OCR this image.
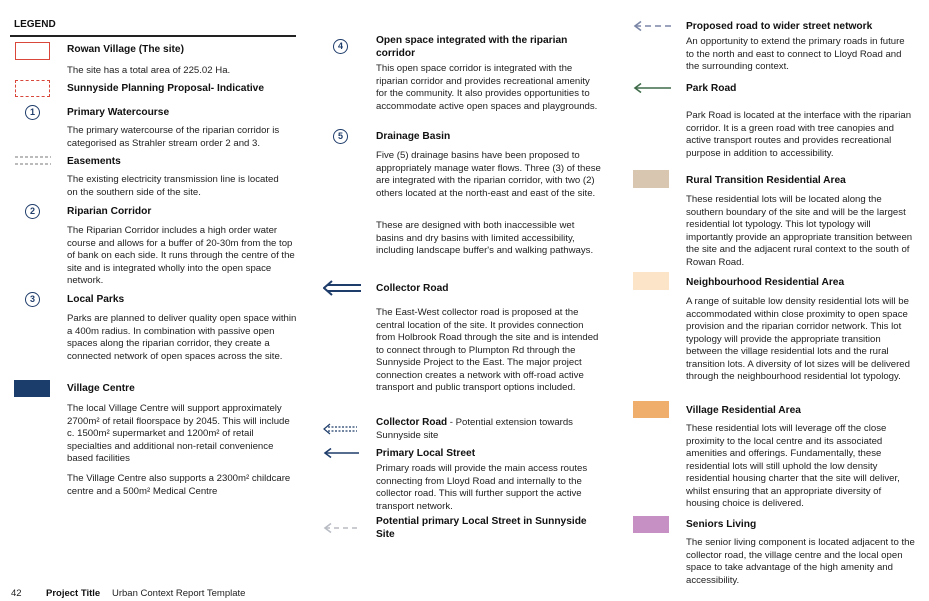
LEGEND
Rowan Village (The site)
The site has a total area of 225.02 Ha.
Sunnyside Planning Proposal- Indicative
1	Primary Watercourse
The primary watercourse of the riparian corridor is categorised as Strahler stream order 2 and 3.
Easements
The existing electricity transmission line is located on the southern side of the site.
2	Riparian Corridor
The Riparian Corridor includes a high order water course and allows for a buffer of 20-30m from the top of bank on each side. It runs through the centre of the site and is integrated wholly into the open space network.
3	Local Parks
Parks are planned to deliver quality open space within a 400m radius. In combination with passive open spaces along the riparian corridor, they create a connected network of open spaces across the site.
Village Centre
The local Village Centre will support approximately 2700m² of retail floorspace by 2045. This will include c. 1500m² supermarket and 1200m² of retail specialties and additional non-retail convenience based facilities
The Village Centre also supports a 2300m² childcare centre and a 500m² Medical Centre
4	Open space integrated with the riparian corridor
This open space corridor is integrated with the riparian corridor and provides recreational amenity for the community. It also provides opportunities to accommodate active open spaces and playgrounds.
5	Drainage Basin
Five (5) drainage basins have been proposed to appropriately manage water flows. Three (3) of these are integrated with the riparian corridor, with two (2) others located at the north-east and east of the site.
These are designed with both inaccessible wet basins and dry basins with limited accessibility, including landscape buffer's and walking pathways.
Collector Road
The East-West collector road is proposed at the central location of the site. It provides connection from Holbrook Road through the site and is intended to connect through to Plumpton Rd through the Sunnyside Project to the East. The major project connection creates a network with off-road active transport and public transport options included.
Collector Road - Potential extension towards Sunnyside site
Primary Local Street
Primary roads will provide the main access routes connecting from Lloyd Road and internally to the collector road. This will further support the active transport network.
Potential primary Local Street in Sunnyside Site
Proposed road to wider street network
An opportunity to extend the primary roads in future to the north and east to connect to Lloyd Road and the surrounding context.
Park Road
Park Road is located at the interface with the riparian corridor. It is a green road with tree canopies and active transport routes and provides recreational purpose in addition to accessibility.
Rural Transition Residential Area
These residential lots will be located along the southern boundary of the site and will be the largest residential lot typology. This lot typology will importantly provide an appropriate transition between the site and the adjacent rural context to the south of Rowan Road.
Neighbourhood Residential Area
A range of suitable low density residential lots will be accommodated within close proximity to open space provision and the riparian corridor network. This lot typology will provide the appropriate transition between the village residential lots and the rural transition lots. A diversity of lot sizes will be delivered through the neighbourhood residential lot typology.
Village Residential Area
These residential lots will leverage off the close proximity to the local centre and its associated amenities and offerings. Fundamentally, these residential lots will still uphold the low density residential housing charter that the site will deliver, whilst ensuring that an appropriate diversity of housing choice is delivered.
Seniors Living
The senior living component is located adjacent to the collector road, the village centre and the local open space to take advantage of the high amenity and accessibility.
42	Project Title Urban Context Report Template
